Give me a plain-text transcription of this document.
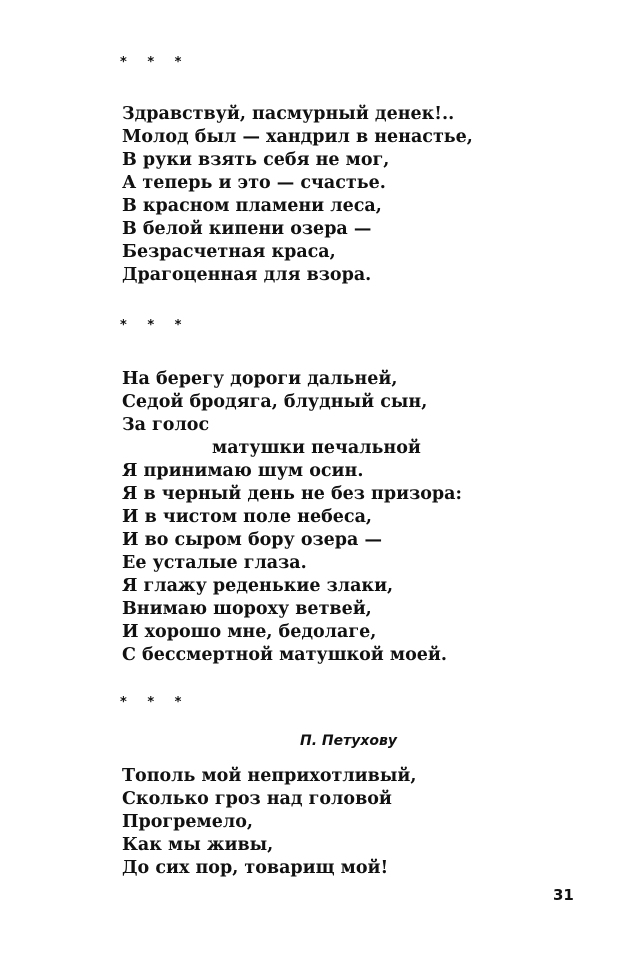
* * *
Здравствуй, пасмурный денек!..
Молод был — хандрил в ненастье,
В руки взять себя не мог,
А теперь и это — счастье.
В красном пламени леса,
В белой кипени озера —
Безрасчетная краса,
Драгоценная для взора.
* * *
На берегу дороги дальней,
Седой бродяга, блудный сын,
За голос
матушки печальной
Я принимаю шум осин.
Я в черный день не без призора:
И в чистом поле небеса,
И во сыром бору озера —
Ее усталые глаза.
Я глажу реденькие злаки,
Внимаю шороху ветвей,
И хорошо мне, бедолаге,
С бессмертной матушкой моей.
* * *
П. Петухову
Тополь мой неприхотливый,
Сколько гроз над головой
Прогремело,
Как мы живы,
До сих пор, товарищ мой!
31
